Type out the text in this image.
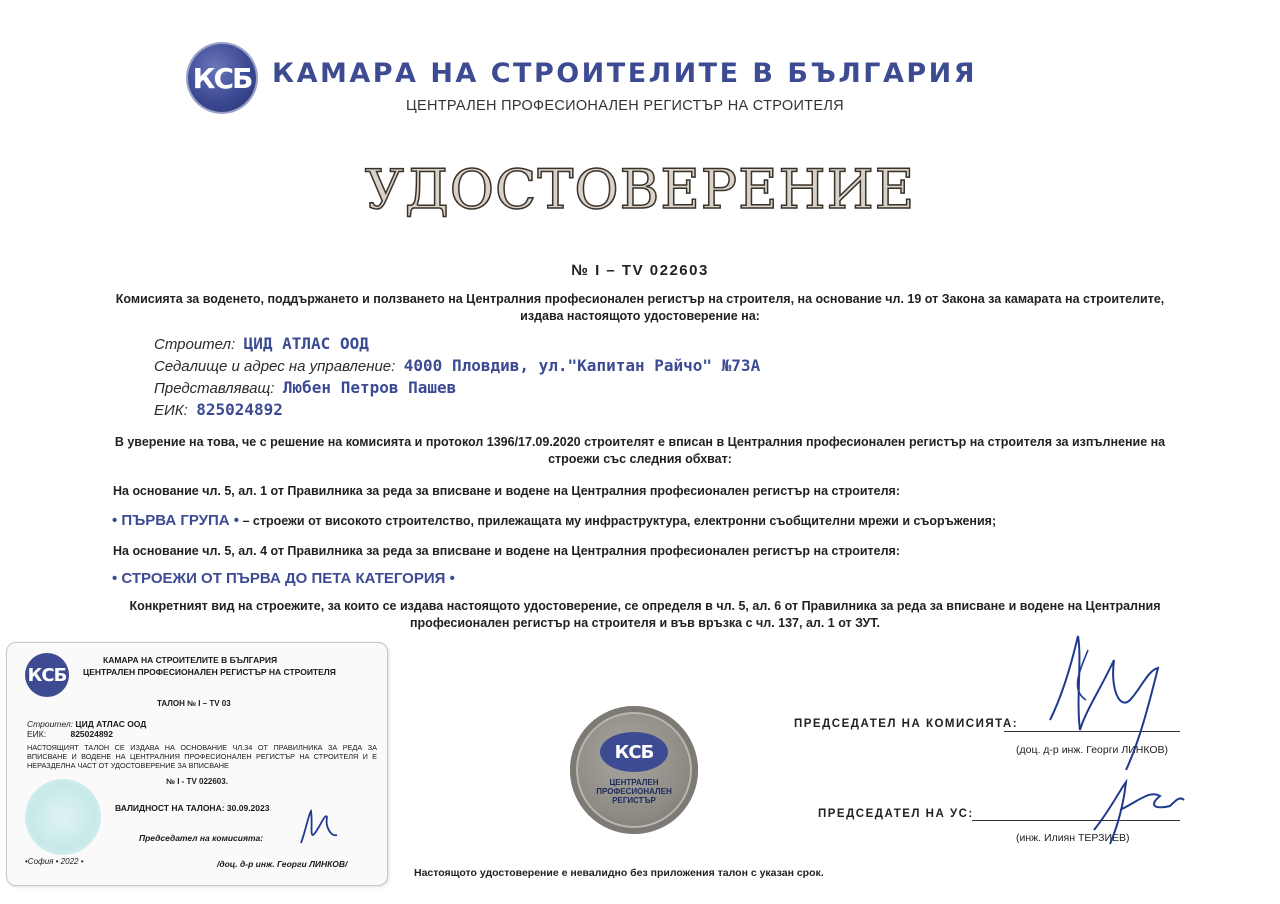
КСБ КАМАРА НА СТРОИТЕЛИТЕ В БЪЛГАРИЯ
ЦЕНТРАЛЕН ПРОФЕСИОНАЛЕН РЕГИСТЪР НА СТРОИТЕЛЯ
УДОСТОВЕРЕНИЕ
№ I – TV 022603
Комисията за воденето, поддържането и ползването на Централния професионален регистър на строителя, на основание чл. 19 от Закона за камарата на строителите, издава настоящото удостоверение на:
Строител: ЦИД АТЛАС ООД
Седалище и адрес на управление: 4000 Пловдив, ул."Капитан Райчо" №73А
Представляващ: Любен Петров Пашев
ЕИК: 825024892
В уверение на това, че с решение на комисията и протокол 1396/17.09.2020 строителят е вписан в Централния професионален регистър на строителя за изпълнение на строежи със следния обхват:
На основание чл. 5, ал. 1 от Правилника за реда за вписване и водене на Централния професионален регистър на строителя:
• ПЪРВА ГРУПА • – строежи от високото строителство, прилежащата му инфраструктура, електронни съобщителни мрежи и съоръжения;
На основание чл. 5, ал. 4 от Правилника за реда за вписване и водене на Централния професионален регистър на строителя:
• СТРОЕЖИ ОТ ПЪРВА ДО ПЕТА КАТЕГОРИЯ •
Конкретният вид на строежите, за които се издава настоящото удостоверение, се определя в чл. 5, ал. 6 от Правилника за реда за вписване и водене на Централния професионален регистър на строителя и във връзка с чл. 137, ал. 1 от ЗУТ.
КСБ
КАМАРА НА СТРОИТЕЛИТЕ В БЪЛГАРИЯ
ЦЕНТРАЛЕН ПРОФЕСИОНАЛЕН РЕГИСТЪР НА СТРОИТЕЛЯ
ТАЛОН № I – TV 03
Строител: ЦИД АТЛАС ООД
ЕИК:	825024892
НАСТОЯЩИЯТ ТАЛОН СЕ ИЗДАВА НА ОСНОВАНИЕ ЧЛ.34 ОТ ПРАВИЛНИКА ЗА РЕДА ЗА ВПИСВАНЕ И ВОДЕНЕ НА ЦЕНТРАЛНИЯ ПРОФЕСИОНАЛЕН РЕГИСТЪР НА СТРОИТЕЛЯ И Е НЕРАЗДЕЛНА ЧАСТ ОТ УДОСТОВЕРЕНИЕ ЗА ВПИСВАНЕ
№ I - TV 022603.
ВАЛИДНОСТ НА ТАЛОНА: 30.09.2023
Председател на комисията:
•София • 2022 •	/доц. д-р инж. Георги ЛИНКОВ/
КСБ
ЦЕНТРАЛЕН
ПРОФЕСИОНАЛЕН
РЕГИСТЪР
Настоящото удостоверение е невалидно без приложения талон с указан срок.
ПРЕДСЕДАТЕЛ НА КОМИСИЯТА:
(доц. д-р инж. Георги ЛИНКОВ)
ПРЕДСЕДАТЕЛ НА УС:
(инж. Илиян ТЕРЗИЕВ)
